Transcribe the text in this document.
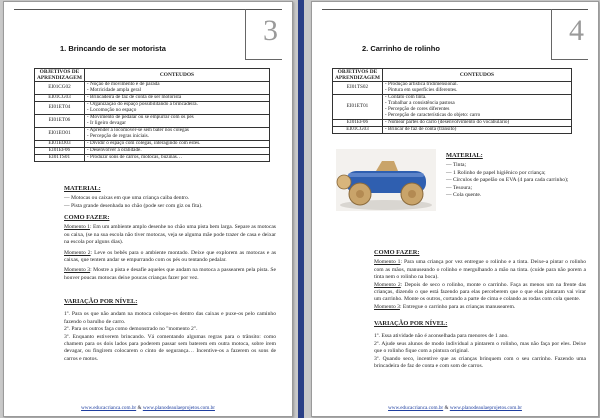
3
1. Brincando de ser motorista
OBJETIVOS DE APRENDIZAGEM	CONTEUDOS
EI01CG02	- Noção de movimento e de parada
- Motricidade ampla geral

EI01CG03	- Brincadeira de faz de conta de ser motorista

EI01ET04	- Organização do espaço possibilitando a brincadeira.
- Locomoção no espaço

EI01ET06	- Movimento de pedalar ou se empurrar com os pés
- Ir ligeiro devagar

EI01EO01	- Aprender a locomover-se sem bater nos colegas
- Percepção de regras iniciais.

EI01EO03	- Dividir o espaço com colegas, interagindo com estes.

EI01EF06	- Desenvolver a oralidade.

EI01TS01	- Produzir sons de carros, motocas, buzinas…
MATERIAL:
— Motocas ou caixas em que uma criança caiba dentro.
— Pista grande desenhada no chão (pode ser com giz ou fita).
COMO FAZER:
Momento 1: Em um ambiente amplo desenhe no chão uma pista bem larga. Separe as motocas ou caixa, (se na sua escola não tiver motocas, veja se alguma mãe pode trazer de casa e deixar na escola por alguns dias).
Momento 2: Leve os bebês para o ambiente montado. Deixe que explorem as motocas e as caixas, que tentem andar se empurrando com os pés ou tentando pedalar.
Momento 3: Mostre a pista e desafie aqueles que andam na motoca a passearem pela pista. Se houver poucas motocas deixe poucas crianças fazer por vez.
VARIAÇÃO POR NÍVEL:
1º. Para os que não andam na motoca coloque-os dentro das caixas e puxe-os pelo caminho fazendo o barulho de carro.
2º. Para os outros faça como demonstrado no "momento 2".
3º. Enquanto estiverem brincando. Vá comentando algumas regras para o trânsito: como chamem para os dois lados para poderem passar sem baterem em outra motoca, sobre irem devagar, ou fingirem colocarem o cinto de segurança… Incentive-os a fazerem os sons de carros e motos.
www.educacrianca.com.br & www.planodeaulaeprojetos.com.br
4
2. Carrinho de rolinho
OBJETIVOS DE APRENDIZAGEM	CONTEUDOS
EI01TS02	- Produção artística tridimensional.
- Pintura em superfícies diferentes.

EI01ET01	- Contato com tinta.
- Trabalhar a consistência pastosa
- Percepção de cores diferentes
- Percepção de características do objeto: carro

EI01EF06	- Nomear partes do carro (desenvolvimento do vocabulário)

EI01CG03	- Brincar de faz de conta (trânsito)
MATERIAL:
— Tinta;
— 1 Rolinho de papel higiênico por criança;
— Círculos de papelão ou EVA (4 para cada carrinho);
— Tesoura;
— Cola quente.
COMO FAZER:
Momento 1: Para uma criança por vez entregue o rolinho e a tinta. Deixe-a pintar o rolinho com as mãos, manuseando o rolinho e mergulhando a mão na tinta. (cuide para não porem a tinta nem o rolinho na boca).
Momento 2: Depois de seco o rolinho, monte o carrinho. Faça as menos um na frente das crianças, dizendo o que está fazendo para elas perceberem que o que elas pintaram vai virar um carrinho. Monte os outros, cortando a parte de cima e colando as rodas com cola quente.
Momento 3: Entregue o carrinho para as crianças manusearem.
VARIAÇÃO POR NÍVEL:
1º. Essa atividade não é aconselhada para menores de 1 ano.
2º. Ajude seus alunos de modo individual a pintarem o rolinho, mas não faça por eles. Deixe que o rolinho fique com a pintura original.
3º. Quando seco, incentive que as crianças brinquem com o seu carrinho. Fazendo uma brincadeira de faz de conta e com som de carros.
www.educacrianca.com.br & www.planodeaulaeprojetos.com.br
